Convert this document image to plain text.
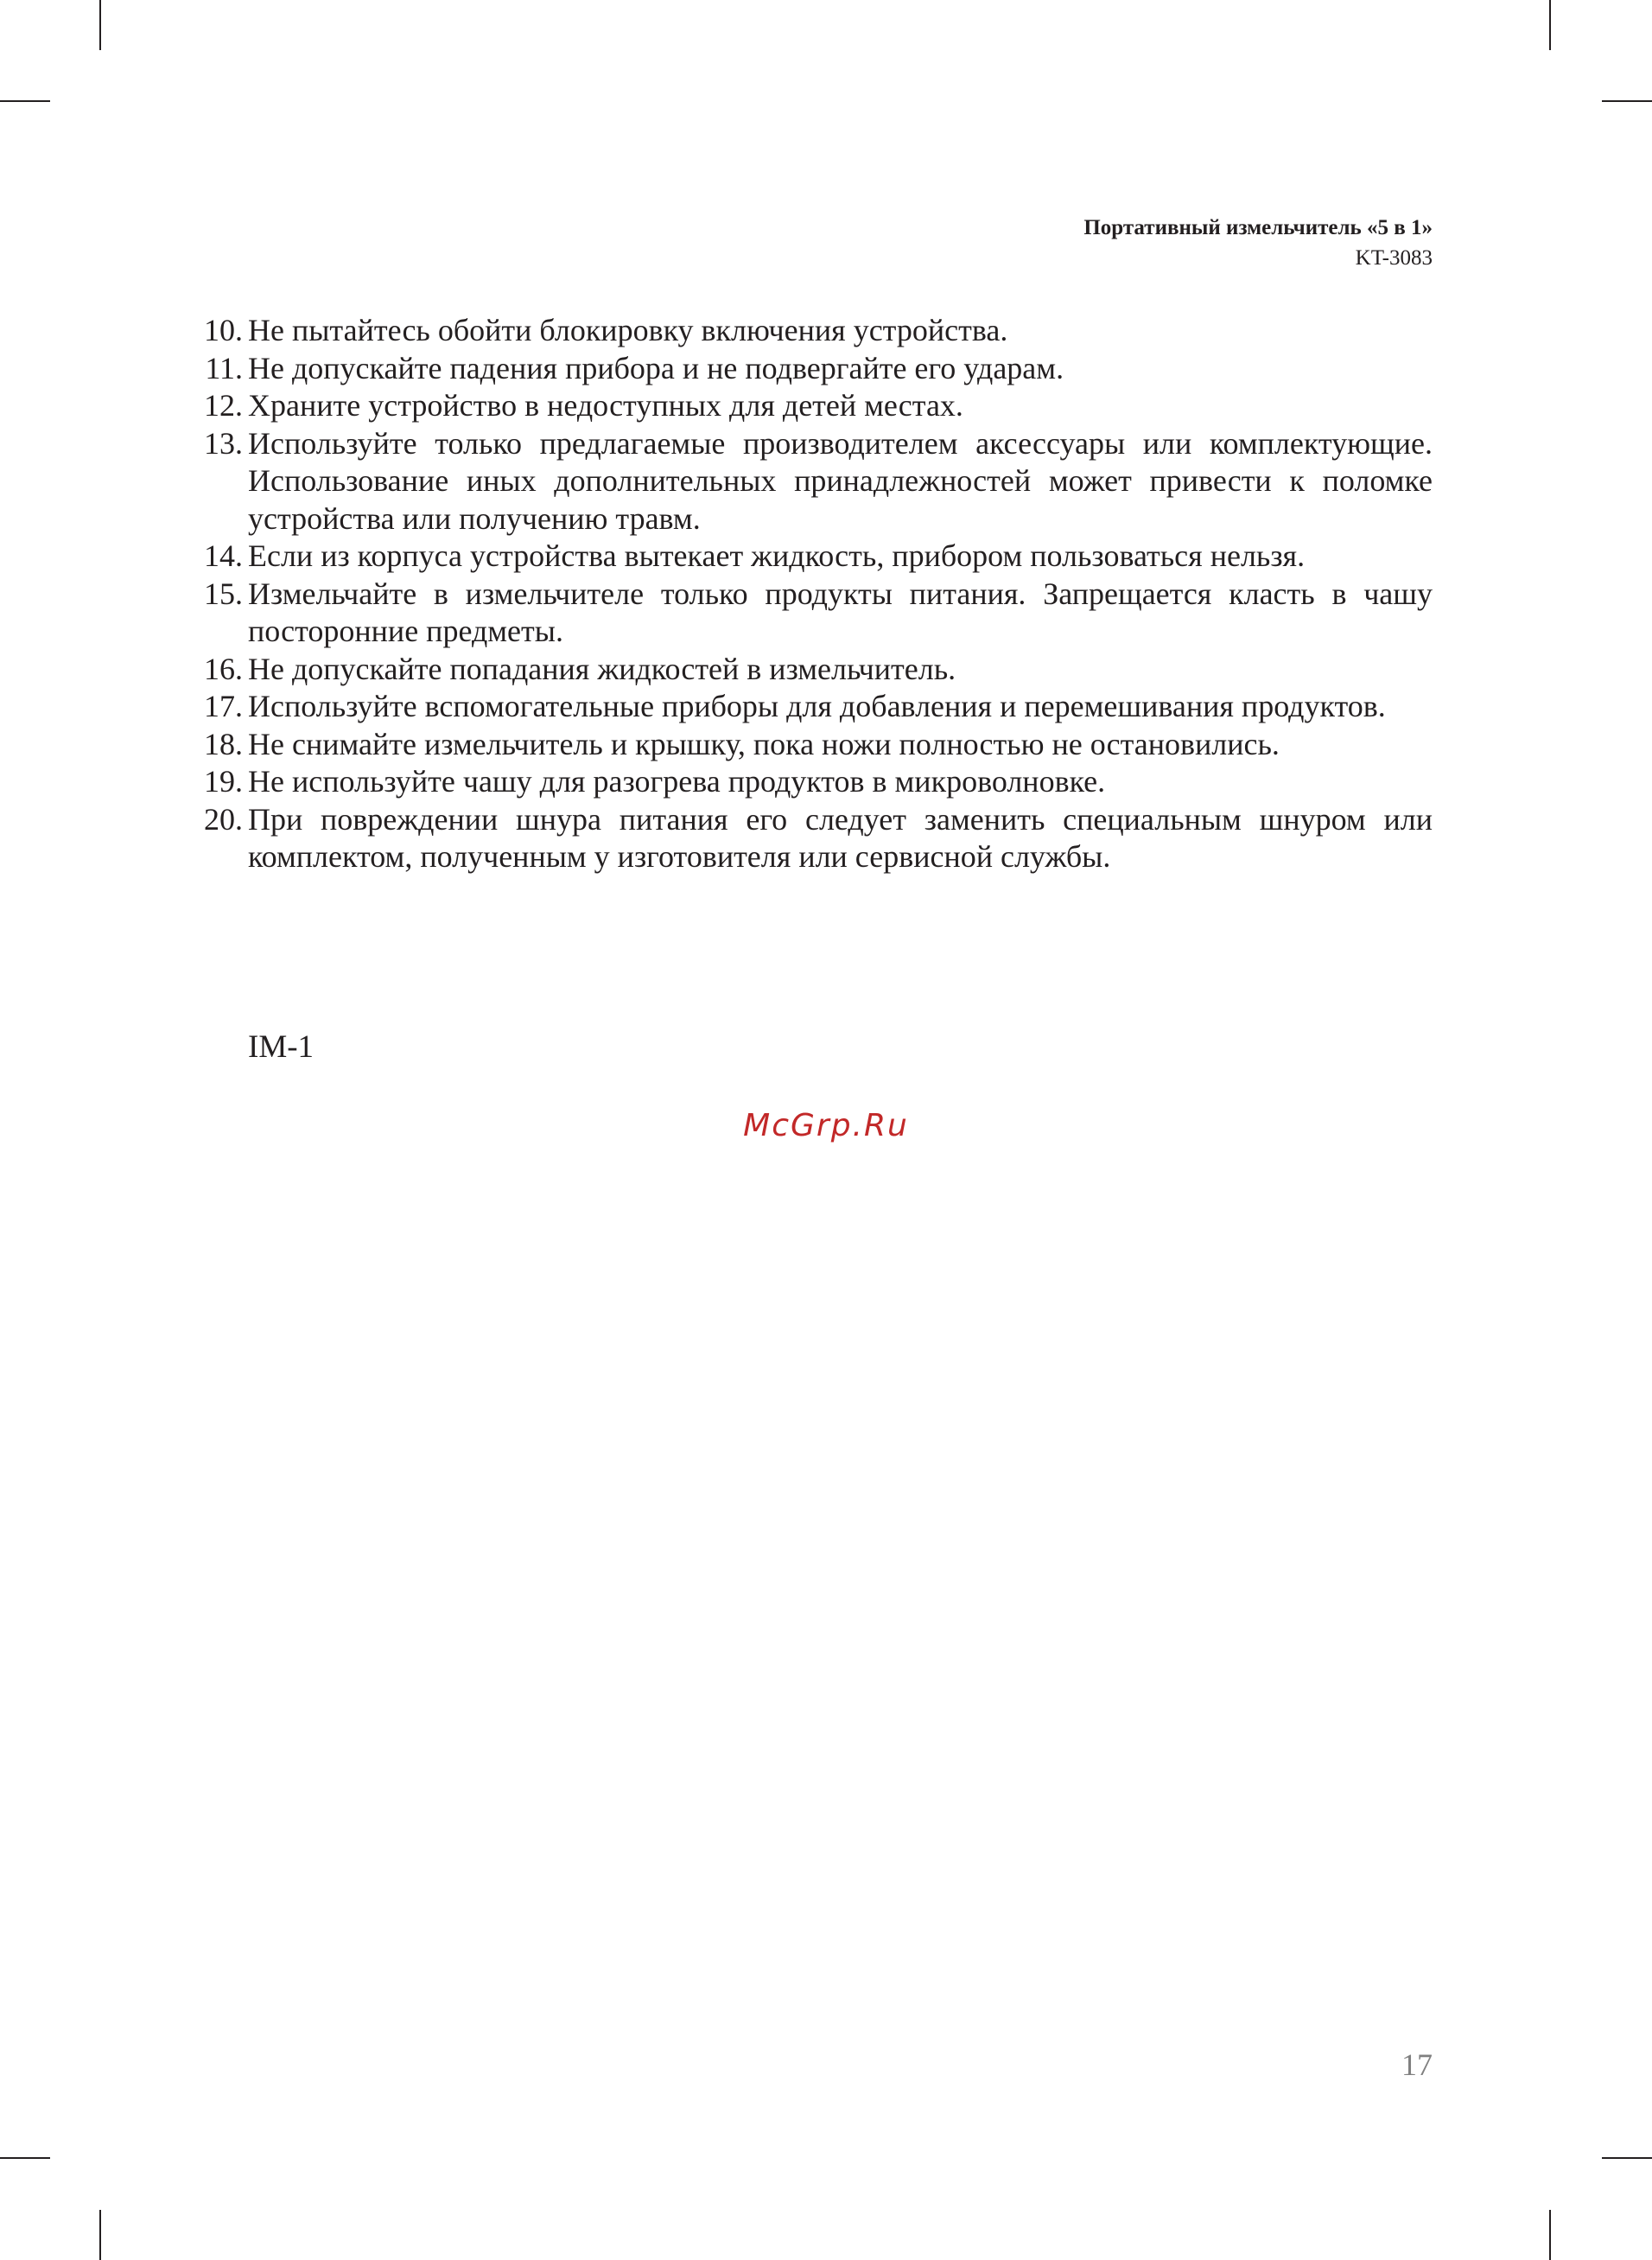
Портативный измельчитель «5 в 1»
KT-3083
10. Не пытайтесь обойти блокировку включения устройства.
11. Не допускайте падения прибора и не подвергайте его ударам.
12. Храните устройство в недоступных для детей местах.
13. Используйте только предлагаемые производителем аксессуары или комплектующие. Использование иных дополнительных принадлежностей может привести к поломке устройства или получению травм.
14. Если из корпуса устройства вытекает жидкость, прибором пользоваться нельзя.
15. Измельчайте в измельчителе только продукты питания. Запрещается класть в чашу посторонние предметы.
16. Не допускайте попадания жидкостей в измельчитель.
17. Используйте вспомогательные приборы для добавления и перемешивания продуктов.
18. Не снимайте измельчитель и крышку, пока ножи полностью не остановились.
19. Не используйте чашу для разогрева продуктов в микроволновке.
20. При повреждении шнура питания его следует заменить специальным шнуром или комплектом, полученным у изготовителя или сервисной службы.
IM-1
McGrp.Ru
17
